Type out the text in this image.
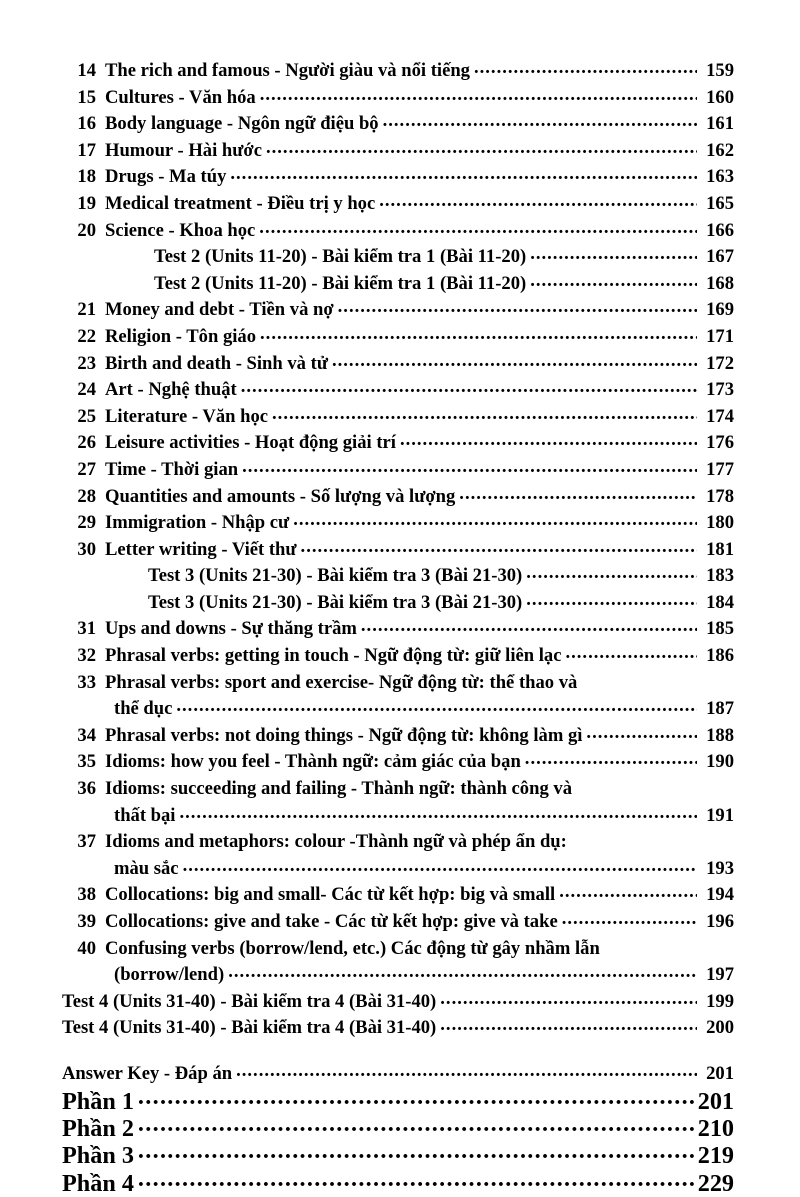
14 The rich and famous - Người giàu và nổi tiếng .....	159
15 Cultures - Văn hóa .....	160
16 Body language - Ngôn ngữ điệu bộ .....	161
17 Humour - Hài hước .....	162
18 Drugs - Ma túy .....	163
19 Medical treatment - Điều trị y học .....	165
20 Science - Khoa học .....	166
Test 2 (Units 11-20) - Bài kiểm tra 1 (Bài 11-20) .....	167
Test 2 (Units 11-20) - Bài kiểm tra 1 (Bài 11-20) .....	168
21 Money and debt - Tiền và nợ .....	169
22 Religion - Tôn giáo .....	171
23 Birth and death - Sinh và tử .....	172
24 Art - Nghệ thuật .....	173
25 Literature - Văn học .....	174
26 Leisure activities - Hoạt động giải trí .....	176
27 Time - Thời gian .....	177
28 Quantities and amounts - Số lượng và lượng .....	178
29 Immigration - Nhập cư .....	180
30 Letter writing - Viết thư .....	181
Test 3 (Units 21-30) - Bài kiểm tra 3 (Bài 21-30) .....	183
Test 3 (Units 21-30) - Bài kiểm tra 3 (Bài 21-30) .....	184
31 Ups and downs - Sự thăng trầm .....	185
32 Phrasal verbs: getting in touch - Ngữ động từ: giữ liên lạc .....	186
33 Phrasal verbs: sport and exercise- Ngữ động từ: thể thao và
thể dục .....	187
34 Phrasal verbs: not doing things - Ngữ động từ: không làm gì .....	188
35 Idioms: how you feel - Thành ngữ: cảm giác của bạn .....	190
36 Idioms: succeeding and failing - Thành ngữ: thành công và
thất bại .....	191
37 Idioms and metaphors: colour -Thành ngữ và phép ẩn dụ:
màu sắc .....	193
38 Collocations: big and small- Các từ kết hợp: big và small .....	194
39 Collocations: give and take - Các từ kết hợp: give và take .....	196
40 Confusing verbs (borrow/lend, etc.) Các động từ gây nhầm lẫn
(borrow/lend) .....	197
Test 4 (Units 31-40) - Bài kiểm tra 4 (Bài 31-40) .....	199
Test 4 (Units 31-40) - Bài kiểm tra 4 (Bài 31-40) .....	200
Answer Key - Đáp án .....	201
Phần 1 .....	201
Phần 2 .....	210
Phần 3 .....	219
Phần 4 .....	229
